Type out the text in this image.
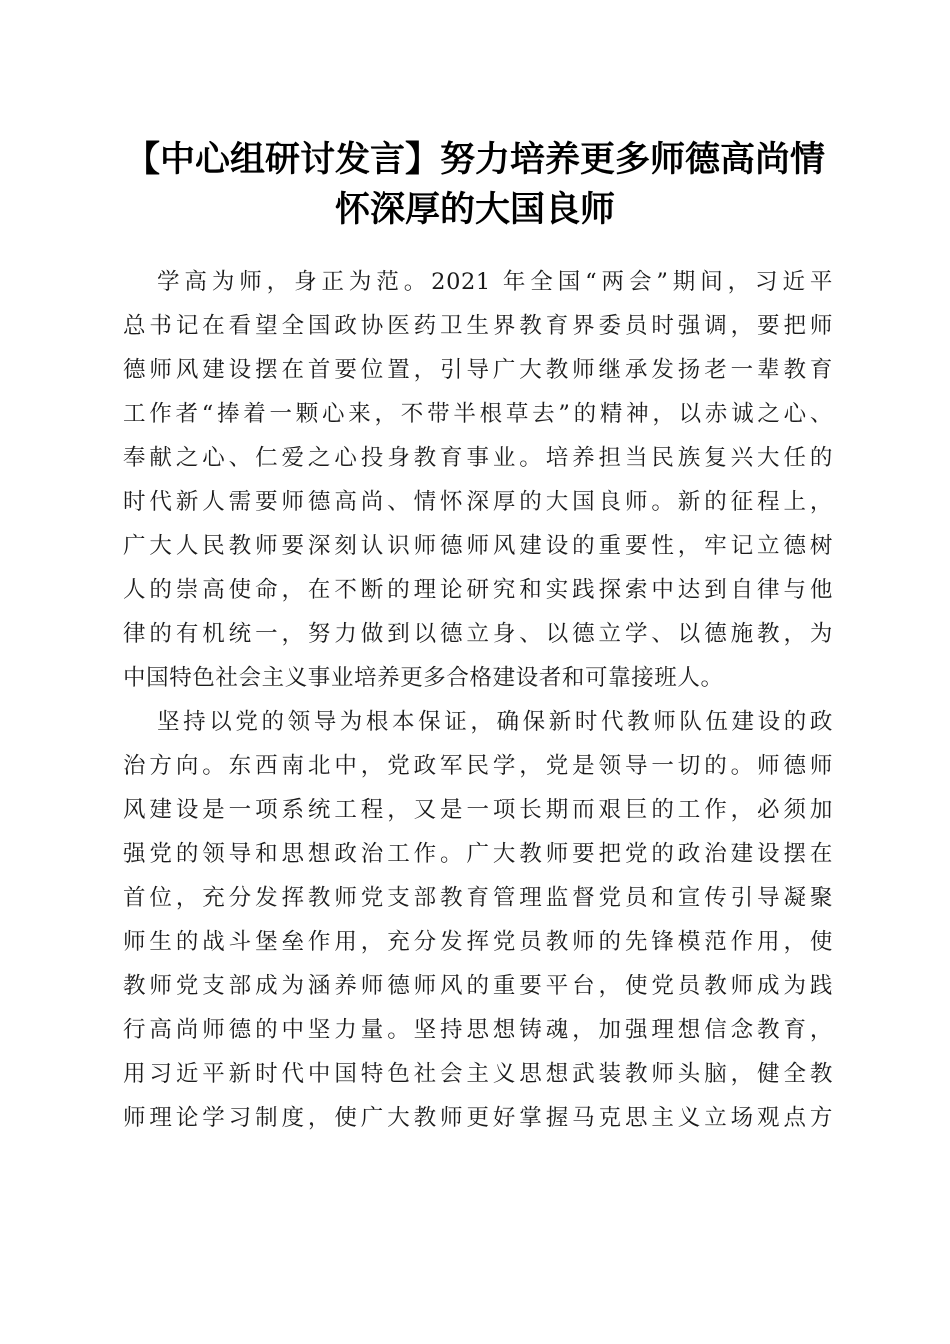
【中心组研讨发言】努力培养更多师德高尚情
怀深厚的大国良师
学高为师，身正为范。2021 年全国“两会”期间，习近平
总书记在看望全国政协医药卫生界教育界委员时强调，要把师
德师风建设摆在首要位置，引导广大教师继承发扬老一辈教育
工作者“捧着一颗心来，不带半根草去”的精神，以赤诚之心、
奉献之心、仁爱之心投身教育事业。培养担当民族复兴大任的
时代新人需要师德高尚、情怀深厚的大国良师。新的征程上，
广大人民教师要深刻认识师德师风建设的重要性，牢记立德树
人的崇高使命，在不断的理论研究和实践探索中达到自律与他
律的有机统一，努力做到以德立身、以德立学、以德施教，为
中国特色社会主义事业培养更多合格建设者和可靠接班人。
坚持以党的领导为根本保证，确保新时代教师队伍建设的政
治方向。东西南北中，党政军民学，党是领导一切的。师德师
风建设是一项系统工程，又是一项长期而艰巨的工作，必须加
强党的领导和思想政治工作。广大教师要把党的政治建设摆在
首位，充分发挥教师党支部教育管理监督党员和宣传引导凝聚
师生的战斗堡垒作用，充分发挥党员教师的先锋模范作用，使
教师党支部成为涵养师德师风的重要平台，使党员教师成为践
行高尚师德的中坚力量。坚持思想铸魂，加强理想信念教育，
用习近平新时代中国特色社会主义思想武装教师头脑，健全教
师理论学习制度，使广大教师更好掌握马克思主义立场观点方
